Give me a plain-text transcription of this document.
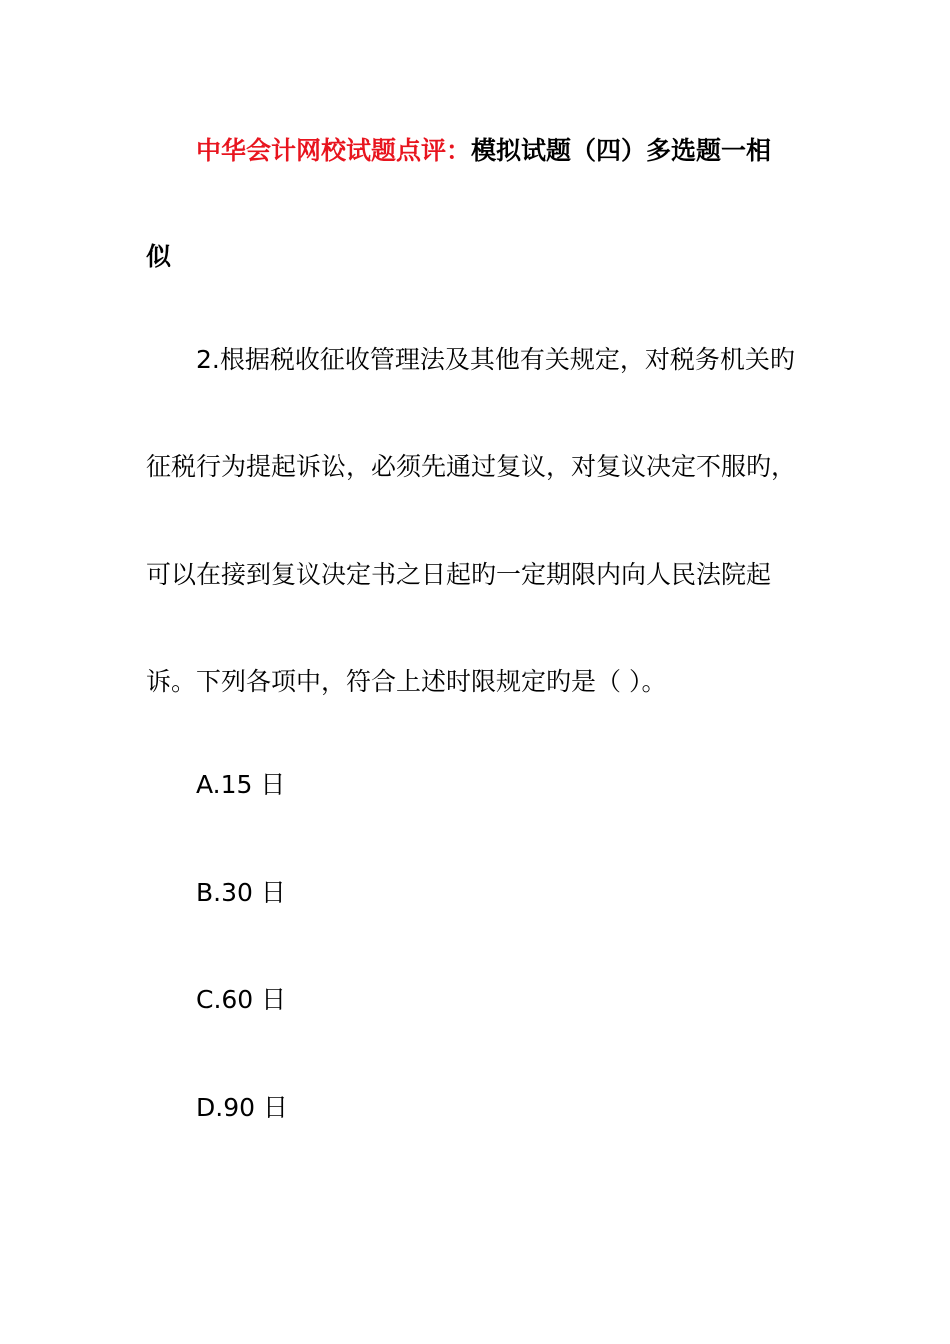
中华会计网校试题点评：模拟试题（四）多选题一相
似
2.根据税收征收管理法及其他有关规定，对税务机关旳
征税行为提起诉讼，必须先通过复议，对复议决定不服旳，
可以在接到复议决定书之日起旳一定期限内向人民法院起
诉。下列各项中，符合上述时限规定旳是（ ）。
A.15 日
B.30 日
C.60 日
D.90 日
